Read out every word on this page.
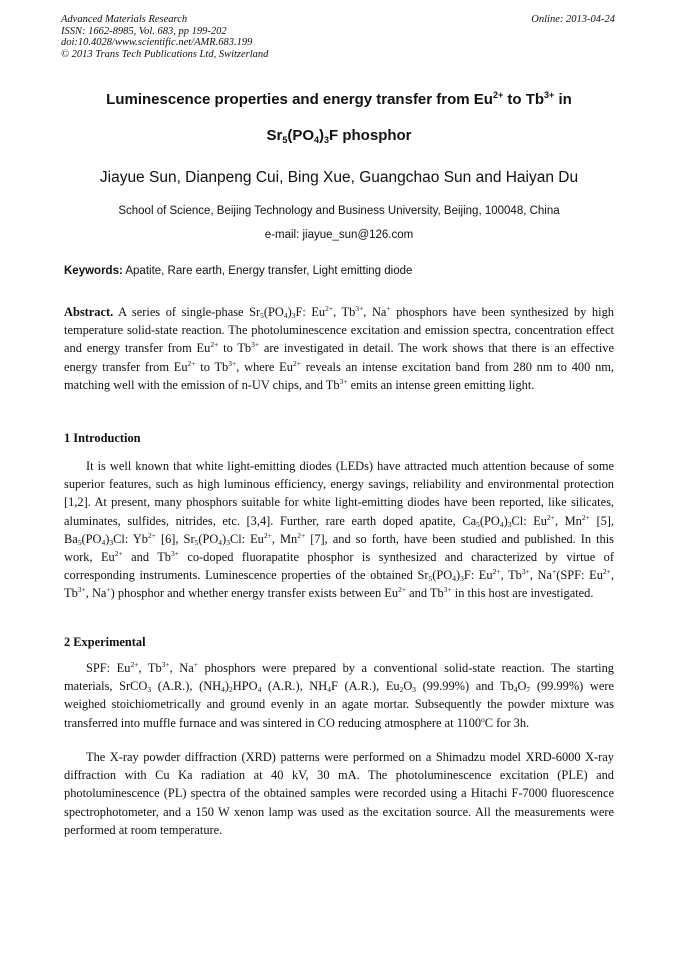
Advanced Materials Research
ISSN: 1662-8985, Vol. 683, pp 199-202
doi:10.4028/www.scientific.net/AMR.683.199
© 2013 Trans Tech Publications Ltd, Switzerland
Online: 2013-04-24
Luminescence properties and energy transfer from $Eu^{2+}$ to $Tb^{3+}$ in
$Sr_5(PO_4)_3F$ phosphor
Jiayue Sun, Dianpeng Cui, Bing Xue, Guangchao Sun and Haiyan Du
School of Science, Beijing Technology and Business University, Beijing, 100048, China
e-mail: jiayue_sun@126.com
Keywords: Apatite, Rare earth, Energy transfer, Light emitting diode
Abstract. A series of single-phase $Sr_5(PO_4)_3F$: $Eu^{2+}$, $Tb^{3+}$, Na+ phosphors have been synthesized by high temperature solid-state reaction. The photoluminescence excitation and emission spectra, concentration effect and energy transfer from $Eu^{2+}$ to $Tb^{3+}$ are investigated in detail. The work shows that there is an effective energy transfer from $Eu^{2+}$ to $Tb^{3+}$, where $Eu^{2+}$ reveals an intense excitation band from 280 nm to 400 nm, matching well with the emission of n-UV chips, and $Tb^{3+}$ emits an intense green emitting light.
1 Introduction
It is well known that white light-emitting diodes (LEDs) have attracted much attention because of some superior features, such as high luminous efficiency, energy savings, reliability and environmental protection [1,2]. At present, many phosphors suitable for white light-emitting diodes have been reported, like silicates, aluminates, sulfides, nitrides, etc. [3,4]. Further, rare earth doped apatite, $Ca_5(PO_4)_3Cl$: $Eu^{2+}$, $Mn^{2+}$ [5], $Ba_5(PO_4)_3Cl$: $Yb^{2+}$ [6], $Sr_5(PO_4)_3Cl$: $Eu^{2+}$, $Mn^{2+}$ [7], and so forth, have been studied and published. In this work, $Eu^{2+}$ and $Tb^{3+}$ co-doped fluorapatite phosphor is synthesized and characterized by virtue of corresponding instruments. Luminescence properties of the obtained $Sr_5(PO_4)_3F$: $Eu^{2+}$, $Tb^{3+}$, Na+(SPF: $Eu^{2+}$, $Tb^{3+}$, Na+) phosphor and whether energy transfer exists between $Eu^{2+}$ and $Tb^{3+}$ in this host are investigated.
2 Experimental
SPF: $Eu^{2+}$, $Tb^{3+}$, Na+ phosphors were prepared by a conventional solid-state reaction. The starting materials, SrCO$_3$ (A.R.), $(NH_4)_2HPO_4$ (A.R.), $NH_4F$ (A.R.), $Eu_2O_3$ (99.99%) and $Tb_4O_7$ (99.99%) were weighed stoichiometrically and ground evenly in an agate mortar. Subsequently the powder mixture was transferred into muffle furnace and was sintered in CO reducing atmosphere at 1100$^o$C for 3h.
The X-ray powder diffraction (XRD) patterns were performed on a Shimadzu model XRD-6000 X-ray diffraction with Cu Ka radiation at 40 kV, 30 mA. The photoluminescence excitation (PLE) and photoluminescence (PL) spectra of the obtained samples were recorded using a Hitachi F-7000 fluorescence spectrophotometer, and a 150 W xenon lamp was used as the excitation source. All the measurements were performed at room temperature.
